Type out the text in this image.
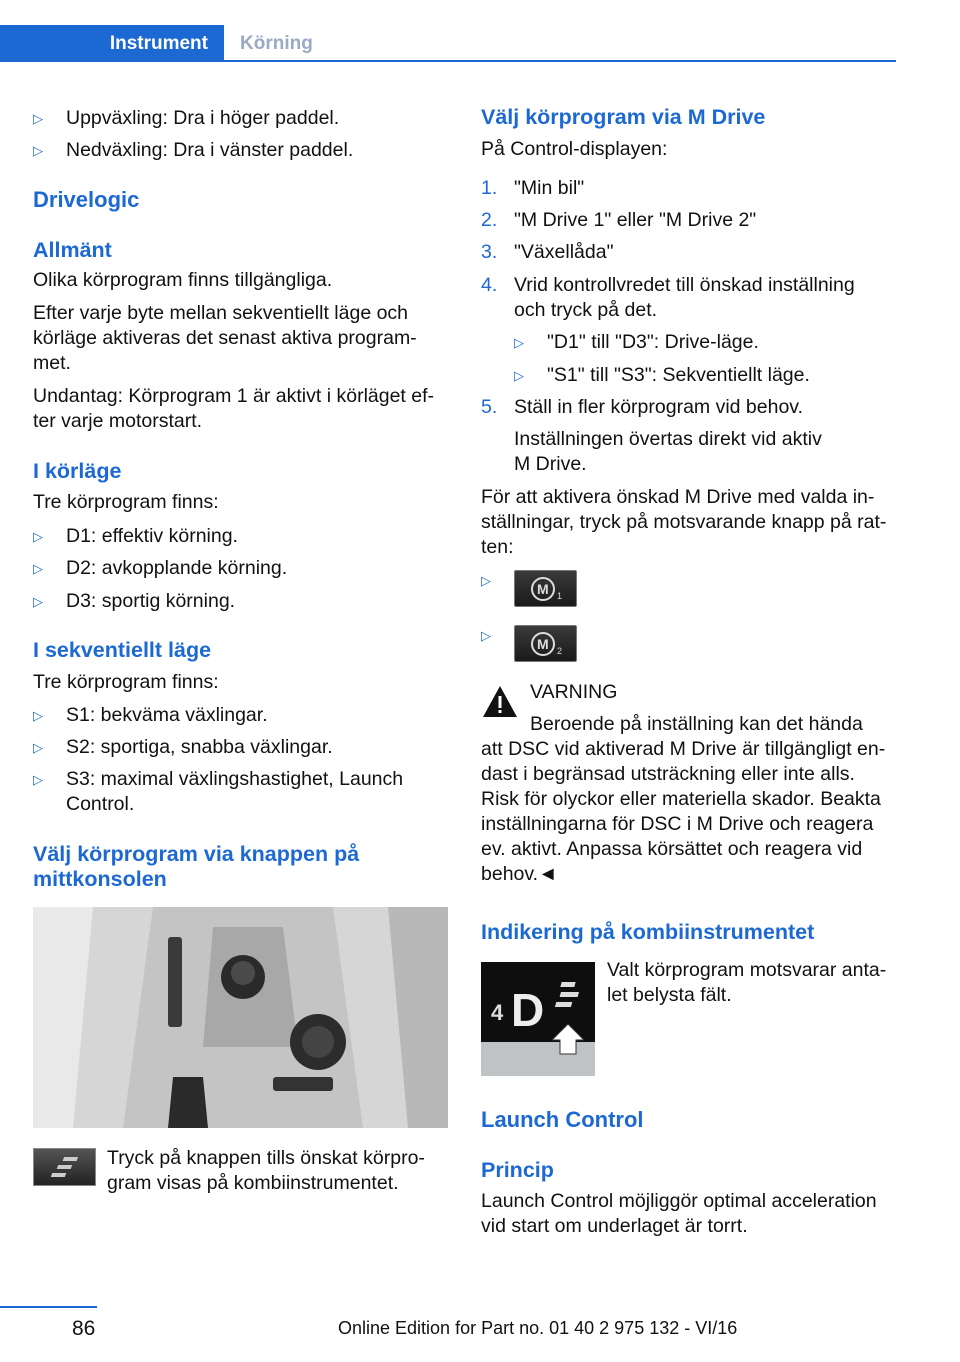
Instrument	Körning
▷ Uppväxling: Dra i höger paddel.
▷ Nedväxling: Dra i vänster paddel.
Drivelogic
Allmänt
Olika körprogram finns tillgängliga.
Efter varje byte mellan sekventiellt läge och
körläge aktiveras det senast aktiva program-
met.
Undantag: Körprogram 1 är aktivt i körläget ef-
ter varje motorstart.
I körläge
Tre körprogram finns:
▷ D1: effektiv körning.
▷ D2: avkopplande körning.
▷ D3: sportig körning.
I sekventiellt läge
Tre körprogram finns:
▷ S1: bekväma växlingar.
▷ S2: sportiga, snabba växlingar.
▷ S3: maximal växlingshastighet, Launch
Control.
Välj körprogram via knappen på
mittkonsolen
Tryck på knappen tills önskat körpro-
gram visas på kombiinstrumentet.
Välj körprogram via M Drive
På Control-displayen:
1. "Min bil"
2. "M Drive 1" eller "M Drive 2"
3. "Växellåda"
4. Vrid kontrollvredet till önskad inställning
och tryck på det.
▷ "D1" till "D3": Drive-läge.
▷ "S1" till "S3": Sekventiellt läge.
5. Ställ in fler körprogram vid behov.
Inställningen övertas direkt vid aktiv
M Drive.
För att aktivera önskad M Drive med valda in-
ställningar, tryck på motsvarande knapp på rat-
ten:
▷
M 1
▷
M 2
VARNING
Beroende på inställning kan det hända
att DSC vid aktiverad M Drive är tillgängligt en-
dast i begränsad utsträckning eller inte alls.
Risk för olyckor eller materiella skador. Beakta
inställningarna för DSC i M Drive och reagera
ev. aktivt. Anpassa körsättet och reagera vid
behov.◄
Indikering på kombiinstrumentet
4 D
Valt körprogram motsvarar anta-
let belysta fält.
Launch Control
Princip
Launch Control möjliggör optimal acceleration
vid start om underlaget är torrt.
86	Online Edition for Part no. 01 40 2 975 132 - VI/16
